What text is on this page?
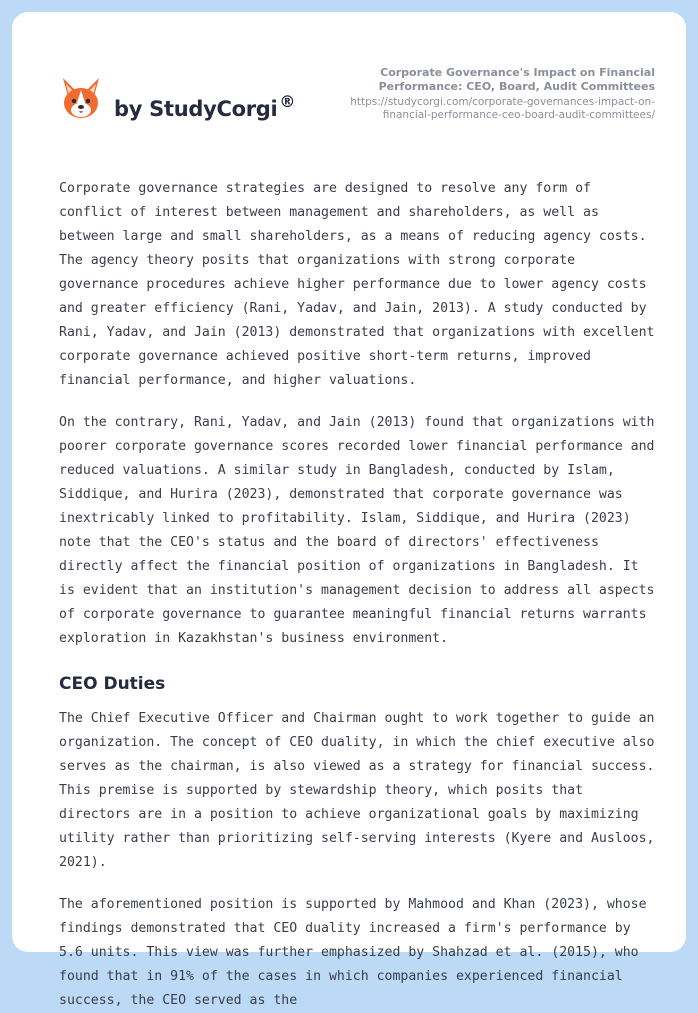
by StudyCorgi ®
Corporate Governance's Impact on Financial Performance: CEO, Board, Audit Committees
https://studycorgi.com/corporate-governances-impact-on-financial-performance-ceo-board-audit-committees/

Corporate governance strategies are designed to resolve any form of conflict of interest between management and shareholders, as well as between large and small shareholders, as a means of reducing agency costs. The agency theory posits that organizations with strong corporate governance procedures achieve higher performance due to lower agency costs and greater efficiency (Rani, Yadav, and Jain, 2013). A study conducted by Rani, Yadav, and Jain (2013) demonstrated that organizations with excellent corporate governance achieved positive short-term returns, improved financial performance, and higher valuations.

On the contrary, Rani, Yadav, and Jain (2013) found that organizations with poorer corporate governance scores recorded lower financial performance and reduced valuations. A similar study in Bangladesh, conducted by Islam, Siddique, and Hurira (2023), demonstrated that corporate governance was inextricably linked to profitability. Islam, Siddique, and Hurira (2023) note that the CEO's status and the board of directors' effectiveness directly affect the financial position of organizations in Bangladesh. It is evident that an institution's management decision to address all aspects of corporate governance to guarantee meaningful financial returns warrants exploration in Kazakhstan's business environment.

CEO Duties

The Chief Executive Officer and Chairman ought to work together to guide an organization. The concept of CEO duality, in which the chief executive also serves as the chairman, is also viewed as a strategy for financial success. This premise is supported by stewardship theory, which posits that directors are in a position to achieve organizational goals by maximizing utility rather than prioritizing self-serving interests (Kyere and Ausloos, 2021).

The aforementioned position is supported by Mahmood and Khan (2023), whose findings demonstrated that CEO duality increased a firm's performance by 5.6 units. This view was further emphasized by Shahzad et al. (2015), who found that in 91% of the cases in which companies experienced financial success, the CEO served as the
